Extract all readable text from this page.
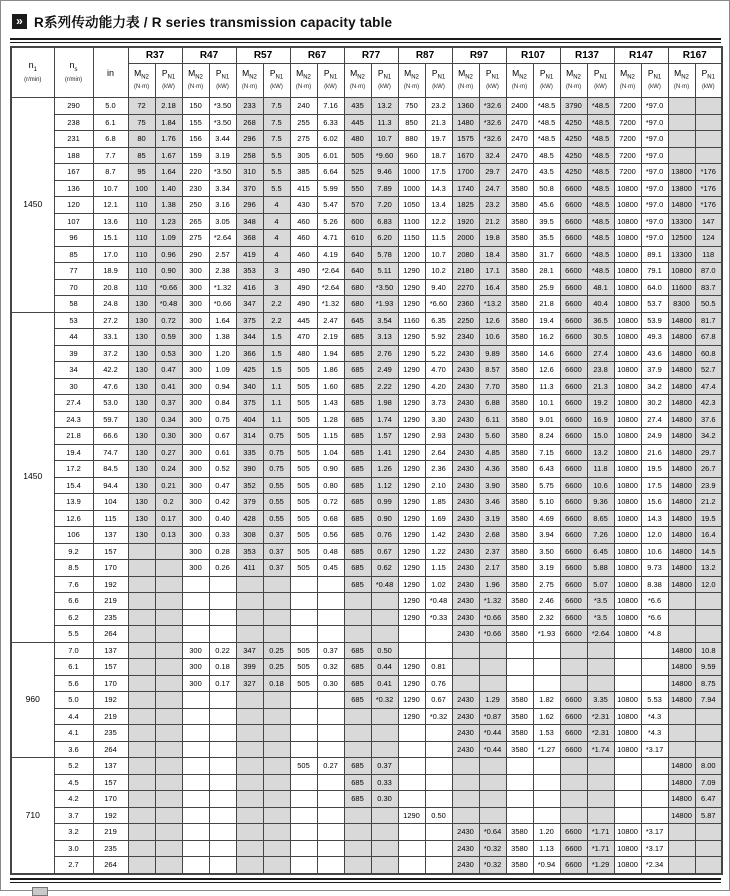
» R系列传动能力表 / R series transmission capacity table
$n_1$
(r/min)	$n_s$
(r/min)	in	R37		R47		R57		R67		R77		R87		R97		R107		R137		R147		R167	
			$M_{N2}$
(N·m)	$P_{N1}$
(kW)	$M_{N2}$
(N·m)	$P_{N1}$
(kW)	$M_{N2}$
(N·m)	$P_{N1}$
(kW)	$M_{N2}$
(N·m)	$P_{N1}$
(kW)	$M_{N2}$
(N·m)	$P_{N1}$
(kW)	$M_{N2}$
(N·m)	$P_{N1}$
(kW)	$M_{N2}$
(N·m)	$P_{N1}$
(kW)	$M_{N2}$
(N·m)	$P_{N1}$
(kW)	$M_{N2}$
(N·m)	$P_{N1}$
(kW)	$M_{N2}$
(N·m)	$P_{N1}$
(kW)	$M_{N2}$
(N·m)	$P_{N1}$
(kW)

1450	290	5.0	72	2.18	150	*3.50	233	7.5	240	7.16	435	13.2	750	23.2	1360	*32.6	2400	*48.5	3790	*48.5	7200	*97.0		
	238	6.1	75	1.84	155	*3.50	268	7.5	255	6.33	445	11.3	850	21.3	1480	*32.6	2470	*48.5	4250	*48.5	7200	*97.0		
	231	6.8	80	1.76	156	3.44	296	7.5	275	6.02	480	10.7	880	19.7	1575	*32.6	2470	*48.5	4250	*48.5	7200	*97.0		
	188	7.7	85	1.67	159	3.19	258	5.5	305	6.01	505	*9.60	960	18.7	1670	32.4	2470	48.5	4250	*48.5	7200	*97.0		
	167	8.7	95	1.64	220	*3.50	310	5.5	385	6.64	525	9.46	1000	17.5	1700	29.7	2470	43.5	4250	*48.5	7200	*97.0	13800	*176
	136	10.7	100	1.40	230	3.34	370	5.5	415	5.99	550	7.89	1000	14.3	1740	24.7	3580	50.8	6600	*48.5	10800	*97.0	13800	*176
	120	12.1	110	1.38	250	3.16	296	4	430	5.47	570	7.20	1050	13.4	1825	23.2	3580	45.6	6600	*48.5	10800	*97.0	14800	*176
	107	13.6	110	1.23	265	3.05	348	4	460	5.26	600	6.83	1100	12.2	1920	21.2	3580	39.5	6600	*48.5	10800	*97.0	13300	147
	96	15.1	110	1.09	275	*2.64	368	4	460	4.71	610	6.20	1150	11.5	2000	19.8	3580	35.5	6600	*48.5	10800	*97.0	12500	124
	85	17.0	110	0.96	290	2.57	419	4	460	4.19	640	5.78	1200	10.7	2080	18.4	3580	31.7	6600	*48.5	10800	89.1	13300	118
	77	18.9	110	0.90	300	2.38	353	3	490	*2.64	640	5.11	1290	10.2	2180	17.1	3580	28.1	6600	*48.5	10800	79.1	10800	87.0
	70	20.8	110	*0.66	300	*1.32	416	3	490	*2.64	680	*3.50	1290	9.40	2270	16.4	3580	25.9	6600	48.1	10800	64.0	11600	83.7
	58	24.8	130	*0.48	300	*0.66	347	2.2	490	*1.32	680	*1.93	1290	*6.60	2360	*13.2	3580	21.8	6600	40.4	10800	53.7	8300	50.5
1450	53	27.2	130	0.72	300	1.64	375	2.2	445	2.47	645	3.54	1160	6.35	2250	12.6	3580	19.4	6600	36.5	10800	53.9	14800	81.7
	44	33.1	130	0.59	300	1.38	344	1.5	470	2.19	685	3.13	1290	5.92	2340	10.6	3580	16.2	6600	30.5	10800	49.3	14800	67.8
	39	37.2	130	0.53	300	1.20	366	1.5	480	1.94	685	2.76	1290	5.22	2430	9.89	3580	14.6	6600	27.4	10800	43.6	14800	60.8
	34	42.2	130	0.47	300	1.09	425	1.5	505	1.86	685	2.49	1290	4.70	2430	8.57	3580	12.6	6600	23.8	10800	37.9	14800	52.7
	30	47.6	130	0.41	300	0.94	340	1.1	505	1.60	685	2.22	1290	4.20	2430	7.70	3580	11.3	6600	21.3	10800	34.2	14800	47.4
	27.4	53.0	130	0.37	300	0.84	375	1.1	505	1.43	685	1.98	1290	3.73	2430	6.88	3580	10.1	6600	19.2	10800	30.2	14800	42.3
	24.3	59.7	130	0.34	300	0.75	404	1.1	505	1.28	685	1.74	1290	3.30	2430	6.11	3580	9.01	6600	16.9	10800	27.4	14800	37.6
	21.8	66.6	130	0.30	300	0.67	314	0.75	505	1.15	685	1.57	1290	2.93	2430	5.60	3580	8.24	6600	15.0	10800	24.9	14800	34.2
	19.4	74.7	130	0.27	300	0.61	335	0.75	505	1.04	685	1.41	1290	2.64	2430	4.85	3580	7.15	6600	13.2	10800	21.6	14800	29.7
	17.2	84.5	130	0.24	300	0.52	390	0.75	505	0.90	685	1.26	1290	2.36	2430	4.36	3580	6.43	6600	11.8	10800	19.5	14800	26.7
	15.4	94.4	130	0.21	300	0.47	352	0.55	505	0.80	685	1.12	1290	2.10	2430	3.90	3580	5.75	6600	10.6	10800	17.5	14800	23.9
	13.9	104	130	0.2	300	0.42	379	0.55	505	0.72	685	0.99	1290	1.85	2430	3.46	3580	5.10	6600	9.36	10800	15.6	14800	21.2
	12.6	115	130	0.17	300	0.40	428	0.55	505	0.68	685	0.90	1290	1.69	2430	3.19	3580	4.69	6600	8.65	10800	14.3	14800	19.5
	106	137	130	0.13	300	0.33	308	0.37	505	0.56	685	0.76	1290	1.42	2430	2.68	3580	3.94	6600	7.26	10800	12.0	14800	16.4
	9.2	157			300	0.28	353	0.37	505	0.48	685	0.67	1290	1.22	2430	2.37	3580	3.50	6600	6.45	10800	10.6	14800	14.5
	8.5	170			300	0.26	411	0.37	505	0.45	685	0.62	1290	1.15	2430	2.17	3580	3.19	6600	5.88	10800	9.73	14800	13.2
	7.6	192									685	*0.48	1290	1.02	2430	1.96	3580	2.75	6600	5.07	10800	8.38	14800	12.0
	6.6	219											1290	*0.48	2430	*1.32	3580	2.46	6600	*3.5	10800	*6.6		
	6.2	235											1290	*0.33	2430	*0.66	3580	2.32	6600	*3.5	10800	*6.6		
	5.5	264													2430	*0.66	3580	*1.93	6600	*2.64	10800	*4.8		
960	7.0	137			300	0.22	347	0.25	505	0.37	685	0.50											14800	10.8
	6.1	157			300	0.18	399	0.25	505	0.32	685	0.44	1290	0.81									14800	9.59
	5.6	170			300	0.17	327	0.18	505	0.30	685	0.41	1290	0.76									14800	8.75
	5.0	192									685	*0.32	1290	0.67	2430	1.29	3580	1.82	6600	3.35	10800	5.53	14800	7.94
	4.4	219											1290	*0.32	2430	*0.87	3580	1.62	6600	*2.31	10800	*4.3		
	4.1	235													2430	*0.44	3580	1.53	6600	*2.31	10800	*4.3		
	3.6	264													2430	*0.44	3580	*1.27	6600	*1.74	10800	*3.17		
710	5.2	137							505	0.27	685	0.37											14800	8.00
	4.5	157									685	0.33											14800	7.09
	4.2	170									685	0.30											14800	6.47
	3.7	192											1290	0.50									14800	5.87
	3.2	219													2430	*0.64	3580	1.20	6600	*1.71	10800	*3.17		
	3.0	235													2430	*0.32	3580	1.13	6600	*1.71	10800	*3.17		
	2.7	264													2430	*0.32	3580	*0.94	6600	*1.29	10800	*2.34		
